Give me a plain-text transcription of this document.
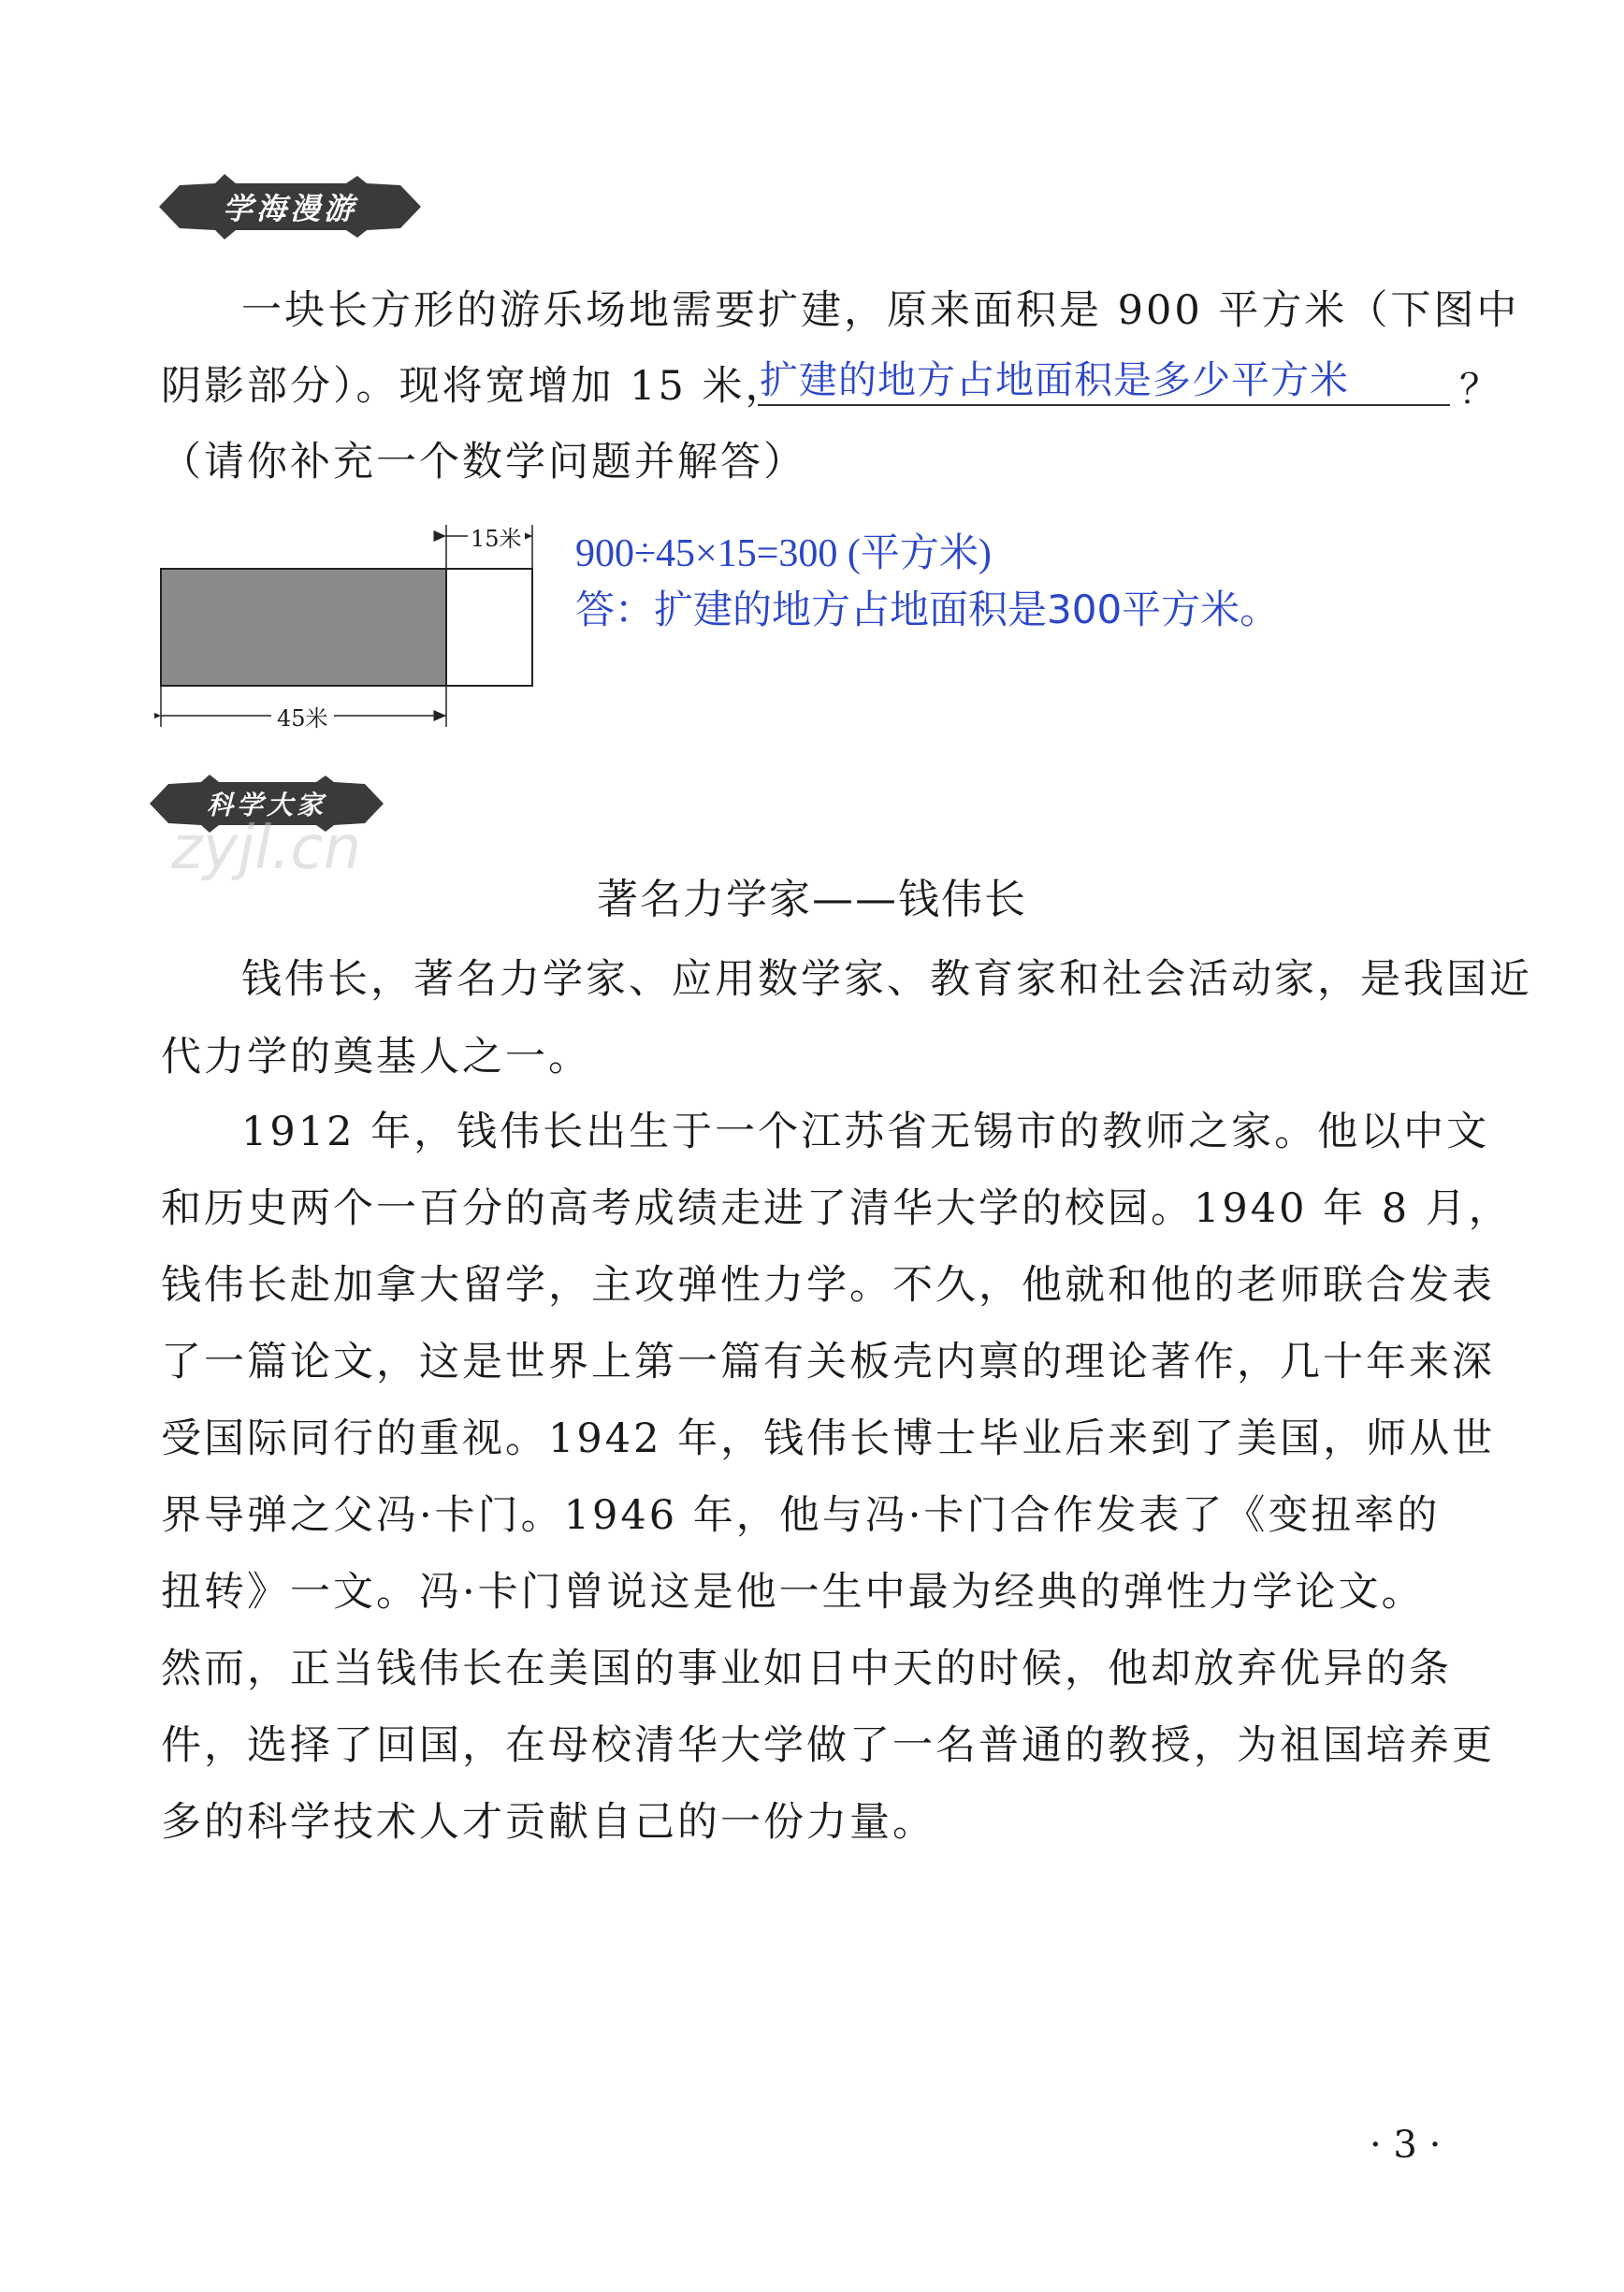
学海漫游
一块长方形的游乐场地需要扩建，原来面积是 900 平方米（下图中
阴影部分）。现将宽增加 15 米，
扩建的地方占地面积是多少平方米	？
（请你补充一个数学问题并解答）
15米
45米
900÷45×15=300 (平方米)
答：扩建的地方占地面积是300平方米。
科学大家
zyjl.cn
著名力学家——钱伟长
钱伟长，著名力学家、应用数学家、教育家和社会活动家，是我国近
代力学的奠基人之一。
1912 年，钱伟长出生于一个江苏省无锡市的教师之家。他以中文
和历史两个一百分的高考成绩走进了清华大学的校园。1940 年 8 月，
钱伟长赴加拿大留学，主攻弹性力学。不久，他就和他的老师联合发表
了一篇论文，这是世界上第一篇有关板壳内禀的理论著作，几十年来深
受国际同行的重视。1942 年，钱伟长博士毕业后来到了美国，师从世
界导弹之父冯·卡门。1946 年，他与冯·卡门合作发表了《变扭率的
扭转》一文。冯·卡门曾说这是他一生中最为经典的弹性力学论文。
然而，正当钱伟长在美国的事业如日中天的时候，他却放弃优异的条
件，选择了回国，在母校清华大学做了一名普通的教授，为祖国培养更
多的科学技术人才贡献自己的一份力量。
· 3 ·
